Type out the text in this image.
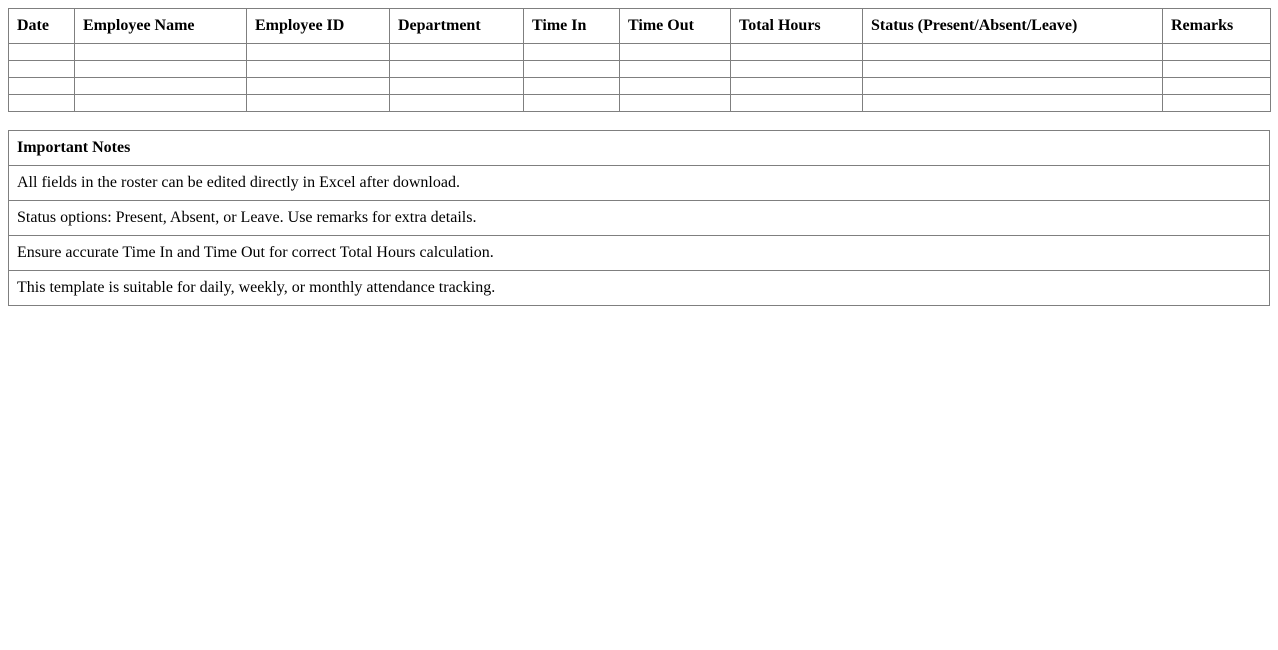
Date	Employee Name	Employee ID	Department	Time In	Time Out	Total Hours	Status (Present/Absent/Leave)	Remarks

Important Notes
All fields in the roster can be edited directly in Excel after download.
Status options: Present, Absent, or Leave. Use remarks for extra details.
Ensure accurate Time In and Time Out for correct Total Hours calculation.
This template is suitable for daily, weekly, or monthly attendance tracking.
